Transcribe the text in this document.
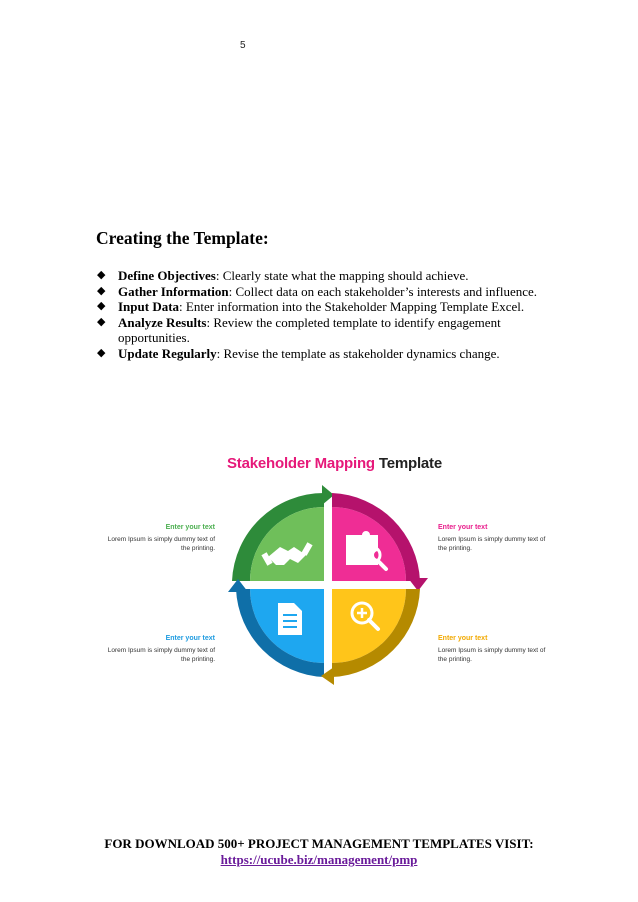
5
Creating the Template:
◆ Define Objectives: Clearly state what the mapping should achieve.
◆ Gather Information: Collect data on each stakeholder’s interests and influence.
◆ Input Data: Enter information into the Stakeholder Mapping Template Excel.
◆ Analyze Results: Review the completed template to identify engagement opportunities.
◆ Update Regularly: Revise the template as stakeholder dynamics change.
Stakeholder Mapping Template
Enter your text
Lorem Ipsum is simply dummy text of the printing.
Enter your text
Lorem Ipsum is simply dummy text of the printing.
Enter your text
Lorem Ipsum is simply dummy text of the printing.
Enter your text
Lorem Ipsum is simply dummy text of the printing.
FOR DOWNLOAD 500+ PROJECT MANAGEMENT TEMPLATES VISIT:
https://ucube.biz/management/pmp
